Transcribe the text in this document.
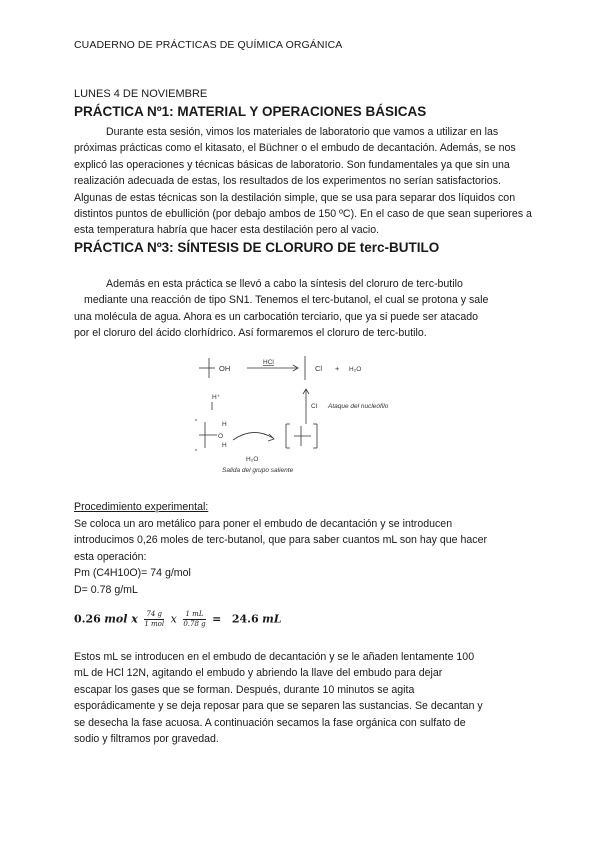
CUADERNO DE PRÁCTICAS DE QUÍMICA ORGÁNICA
LUNES 4 DE NOVIEMBRE
PRÁCTICA Nº1: MATERIAL Y OPERACIONES BÁSICAS
Durante esta sesión, vimos los materiales de laboratorio que vamos a utilizar en las próximas prácticas como el kitasato, el Büchner o el embudo de decantación. Además, se nos explicó las operaciones y técnicas básicas de laboratorio. Son fundamentales ya que sin una realización adecuada de estas, los resultados de los experimentos no serían satisfactorios. Algunas de estas técnicas son la destilación simple, que se usa para separar dos líquidos con distintos puntos de ebullición (por debajo ambos de 150 ºC). En el caso de que sean superiores a esta temperatura habría que hacer esta destilación pero al vacio.
PRÁCTICA Nº3: SÍNTESIS DE CLORURO DE terc-BUTILO
Además en esta práctica se llevó a cabo la síntesis del cloruro de terc-butilo
mediante una reacción de tipo SN1. Tenemos el terc-butanol, el cual se protona y sale
una molécula de agua. Ahora es un carbocatión terciario, que ya si puede ser atacado
por el cloruro del ácido clorhídrico. Así formaremos el cloruro de terc-butilo.
OH
HCl
Cl + H₂O
H⁺
H
O
H
Cl Ataque del nucleófilo
H₂O
Salida del grupo saliente
Procedimiento experimental:
Se coloca un aro metálico para poner el embudo de decantación y se introducen
introducimos 0,26 moles de terc-butanol, que para saber cuantos mL son hay que hacer
esta operación:
Pm (C4H10O)= 74 g/mol
D= 0.78 g/mL
0.26 mol x $\frac{74 g}{\text{1 mol}}$ x $\frac{1 mL}{0.78 g} = 24.6$ mL
Estos mL se introducen en el embudo de decantación y se le añaden lentamente 100
mL de HCl 12N, agitando el embudo y abriendo la llave del embudo para dejar
escapar los gases que se forman. Después, durante 10 minutos se agita
esporádicamente y se deja reposar para que se separen las sustancias. Se decantan y
se desecha la fase acuosa. A continuación secamos la fase orgánica con sulfato de
sodio y filtramos por gravedad.
